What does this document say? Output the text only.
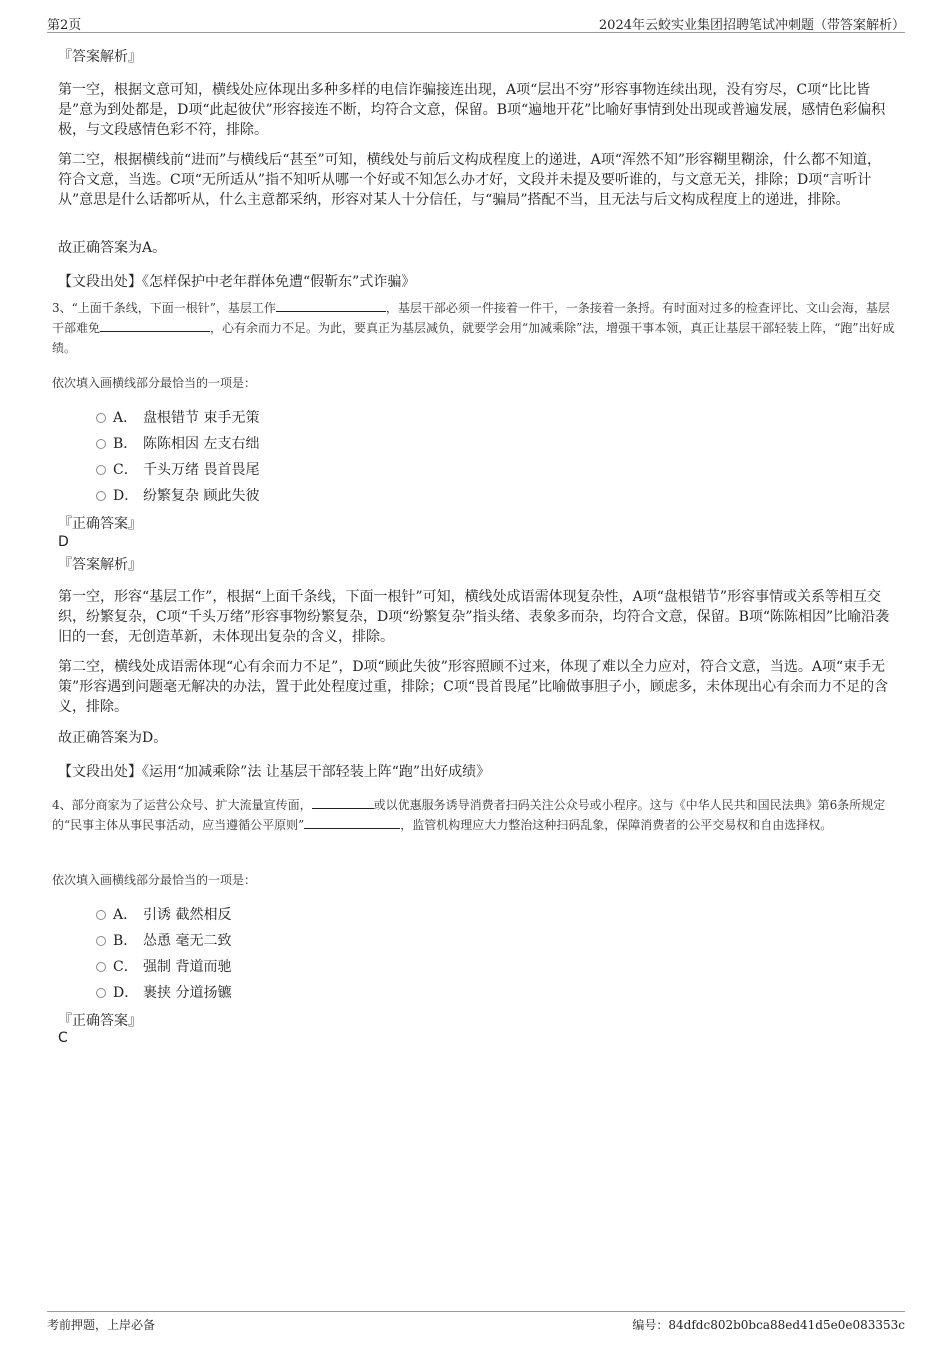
第2页	2024年云蛟实业集团招聘笔试冲刺题（带答案解析）
『答案解析』

第一空，根据文意可知，横线处应体现出多种多样的电信诈骗接连出现，A项“层出不穷”形容事物连续出现，没有穷尽，C项“比比皆是”意为到处都是，D项“此起彼伏”形容接连不断，均符合文意，保留。B项“遍地开花”比喻好事情到处出现或普遍发展，感情色彩偏积极，与文段感情色彩不符，排除。

第二空，根据横线前“进而”与横线后“甚至”可知，横线处与前后文构成程度上的递进，A项“浑然不知”形容糊里糊涂，什么都不知道，符合文意，当选。C项“无所适从”指不知听从哪一个好或不知怎么办才好，文段并未提及要听谁的，与文意无关，排除；D项“言听计从”意思是什么话都听从，什么主意都采纳，形容对某人十分信任，与“骗局”搭配不当，且无法与后文构成程度上的递进，排除。

故正确答案为A。
【文段出处】《怎样保护中老年群体免遭“假靳东”式诈骗》

3、“上面千条线，下面一根针”，基层工作	，基层干部必须一件接着一件干，一条接着一条捋。有时面对过多的检查评比、文山会海，基层干部难免	，心有余而力不足。为此，要真正为基层减负，就要学会用“加减乘除”法，增强干事本领，真正让基层干部轻装上阵，“跑”出好成绩。

依次填入画横线部分最恰当的一项是：
A． 盘根错节 束手无策
B． 陈陈相因 左支右绌
C． 千头万绪 畏首畏尾
D． 纷繁复杂 顾此失彼
『正确答案』
D
『答案解析』

第一空，形容“基层工作”，根据“上面千条线，下面一根针”可知，横线处成语需体现复杂性，A项“盘根错节”形容事情或关系等相互交织，纷繁复杂，C项“千头万绪”形容事物纷繁复杂，D项“纷繁复杂”指头绪、表象多而杂，均符合文意，保留。B项“陈陈相因”比喻沿袭旧的一套，无创造革新，未体现出复杂的含义，排除。

第二空，横线处成语需体现“心有余而力不足”，D项“顾此失彼”形容照顾不过来，体现了难以全力应对，符合文意，当选。A项“束手无策”形容遇到问题毫无解决的办法，置于此处程度过重，排除；C项“畏首畏尾”比喻做事胆子小，顾虑多，未体现出心有余而力不足的含义，排除。

故正确答案为D。
【文段出处】《运用“加减乘除”法 让基层干部轻装上阵“跑”出好成绩》

4、部分商家为了运营公众号、扩大流量宣传面，	或以优惠服务诱导消费者扫码关注公众号或小程序。这与《中华人民共和国民法典》第6条所规定的“民事主体从事民事活动，应当遵循公平原则”	，监管机构理应大力整治这种扫码乱象，保障消费者的公平交易权和自由选择权。

依次填入画横线部分最恰当的一项是：
A． 引诱 截然相反
B． 怂恿 毫无二致
C． 强制 背道而驰
D． 裹挟 分道扬镳
『正确答案』
C
考前押题，上岸必备	编号：84dfdc802b0bca88ed41d5e0e083353c
